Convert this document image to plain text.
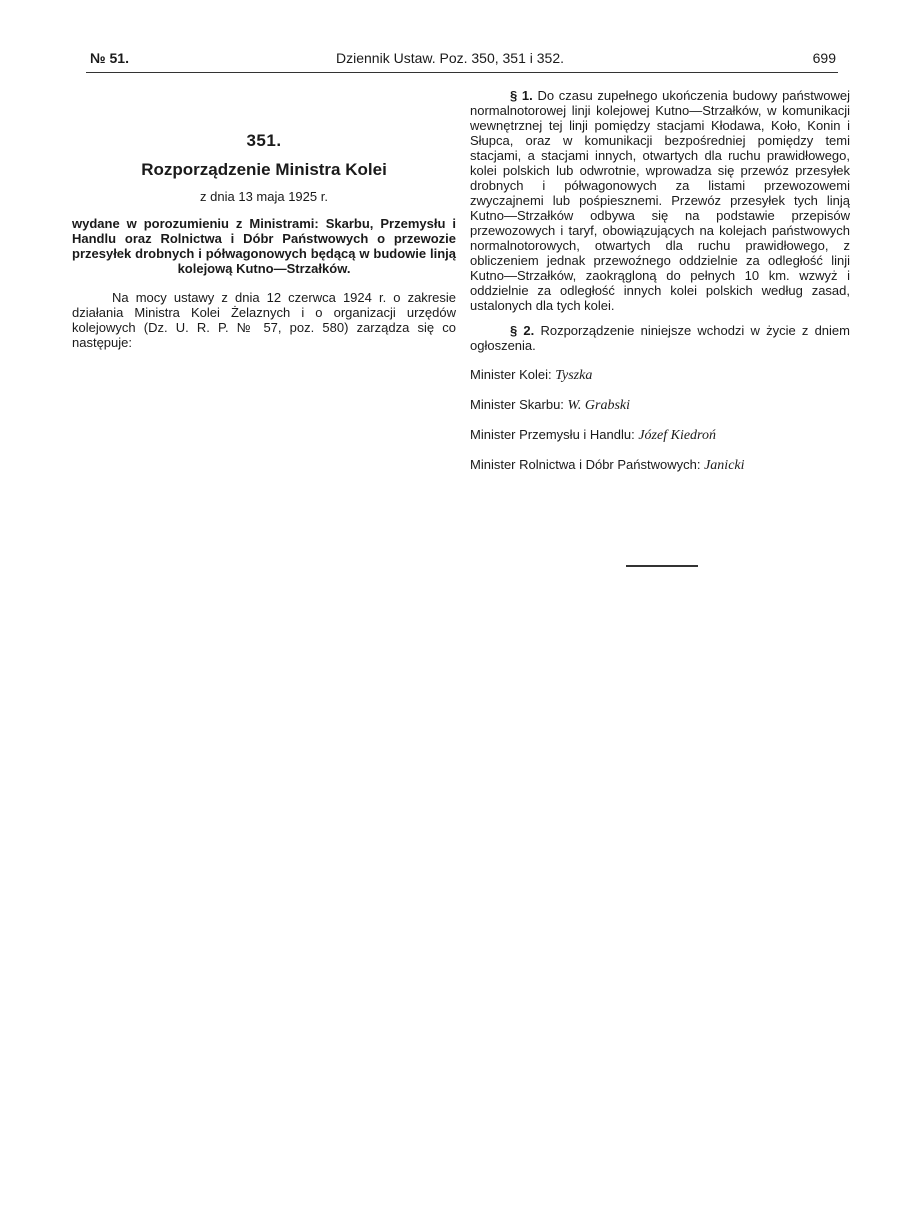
№ 51.	Dziennik Ustaw. Poz. 350, 351 i 352.	699
351.
Rozporządzenie Ministra Kolei
z dnia 13 maja 1925 r.
wydane w porozumieniu z Ministrami: Skarbu, Przemysłu i Handlu oraz Rolnictwa i Dóbr Państwowych o przewozie przesyłek drobnych i półwagonowych będącą w budowie linją kolejową Kutno—Strzałków.
Na mocy ustawy z dnia 12 czerwca 1924 r. o zakresie działania Ministra Kolei Żelaznych i o organizacji urzędów kolejowych (Dz. U. R. P. № 57, poz. 580) zarządza się co następuje:

§ 1. Do czasu zupełnego ukończenia budowy państwowej normalnotorowej linji kolejowej Kutno—Strzałków, w komunikacji wewnętrznej tej linji pomiędzy stacjami Kłodawa, Koło, Konin i Słupca, oraz w komunikacji bezpośredniej pomiędzy temi stacjami, a stacjami innych, otwartych dla ruchu prawidłowego, kolei polskich lub odwrotnie, wprowadza się przewóz przesyłek drobnych i półwagonowych za listami przewozowemi zwyczajnemi lub pośpiesznemi. Przewóz przesyłek tych linją Kutno—Strzałków odbywa się na podstawie przepisów przewozowych i taryf, obowiązujących na kolejach państwowych normalnotorowych, otwartych dla ruchu prawidłowego, z obliczeniem jednak przewoźnego oddzielnie za odległość linji Kutno—Strzałków, zaokrągloną do pełnych 10 km. wzwyż i oddzielnie za odległość innych kolei polskich według zasad, ustalonych dla tych kolei.

§ 2. Rozporządzenie niniejsze wchodzi w życie z dniem ogłoszenia.

Minister Kolei: Tyszka
Minister Skarbu: W. Grabski
Minister Przemysłu i Handlu: Józef Kiedroń
Minister Rolnictwa i Dóbr Państwowych: Janicki
